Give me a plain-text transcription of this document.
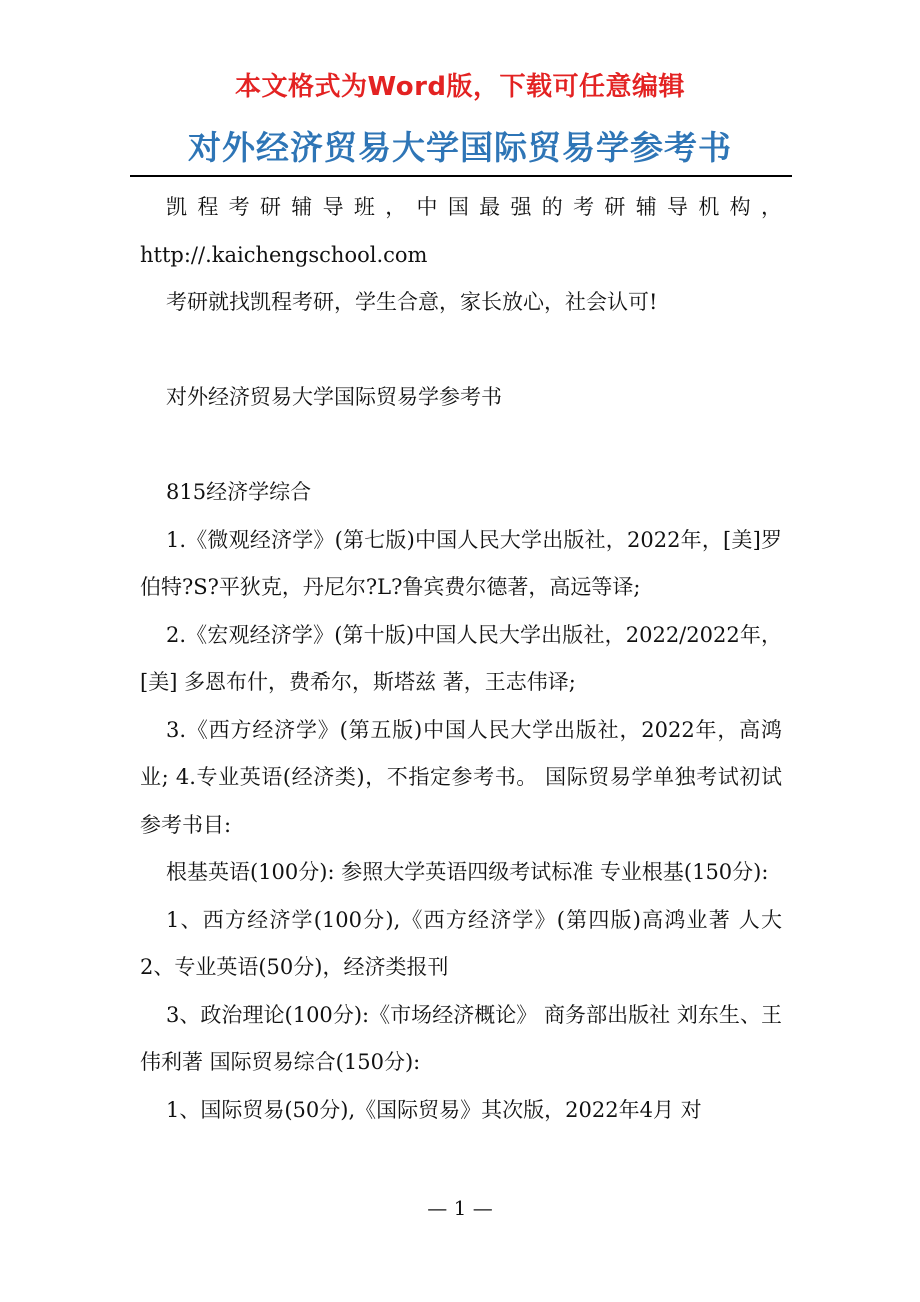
本文格式为Word版，下载可任意编辑
对外经济贸易大学国际贸易学参考书

凯程考研辅导班，中国最强的考研辅导机构，

http://.kaichengschool.com

考研就找凯程考研，学生合意，家长放心，社会认可!

对外经济贸易大学国际贸易学参考书

815经济学综合

1.《微观经济学》(第七版)中国人民大学出版社，2022年，[美]罗伯特?S?平狄克，丹尼尔?L?鲁宾费尔德著，高远等译;

2.《宏观经济学》(第十版)中国人民大学出版社，2022/2022年，[美] 多恩布什，费希尔，斯塔兹 著，王志伟译;

3.《西方经济学》(第五版)中国人民大学出版社，2022年，高鸿业; 4.专业英语(经济类)，不指定参考书。 国际贸易学单独考试初试参考书目:

根基英语(100分): 参照大学英语四级考试标准 专业根基(150分):

1、西方经济学(100分),《西方经济学》(第四版)高鸿业著 人大 2、专业英语(50分)，经济类报刊

3、政治理论(100分):《市场经济概论》 商务部出版社 刘东生、王伟利著 国际贸易综合(150分):

1、国际贸易(50分),《国际贸易》其次版，2022年4月 对

— 1 —
